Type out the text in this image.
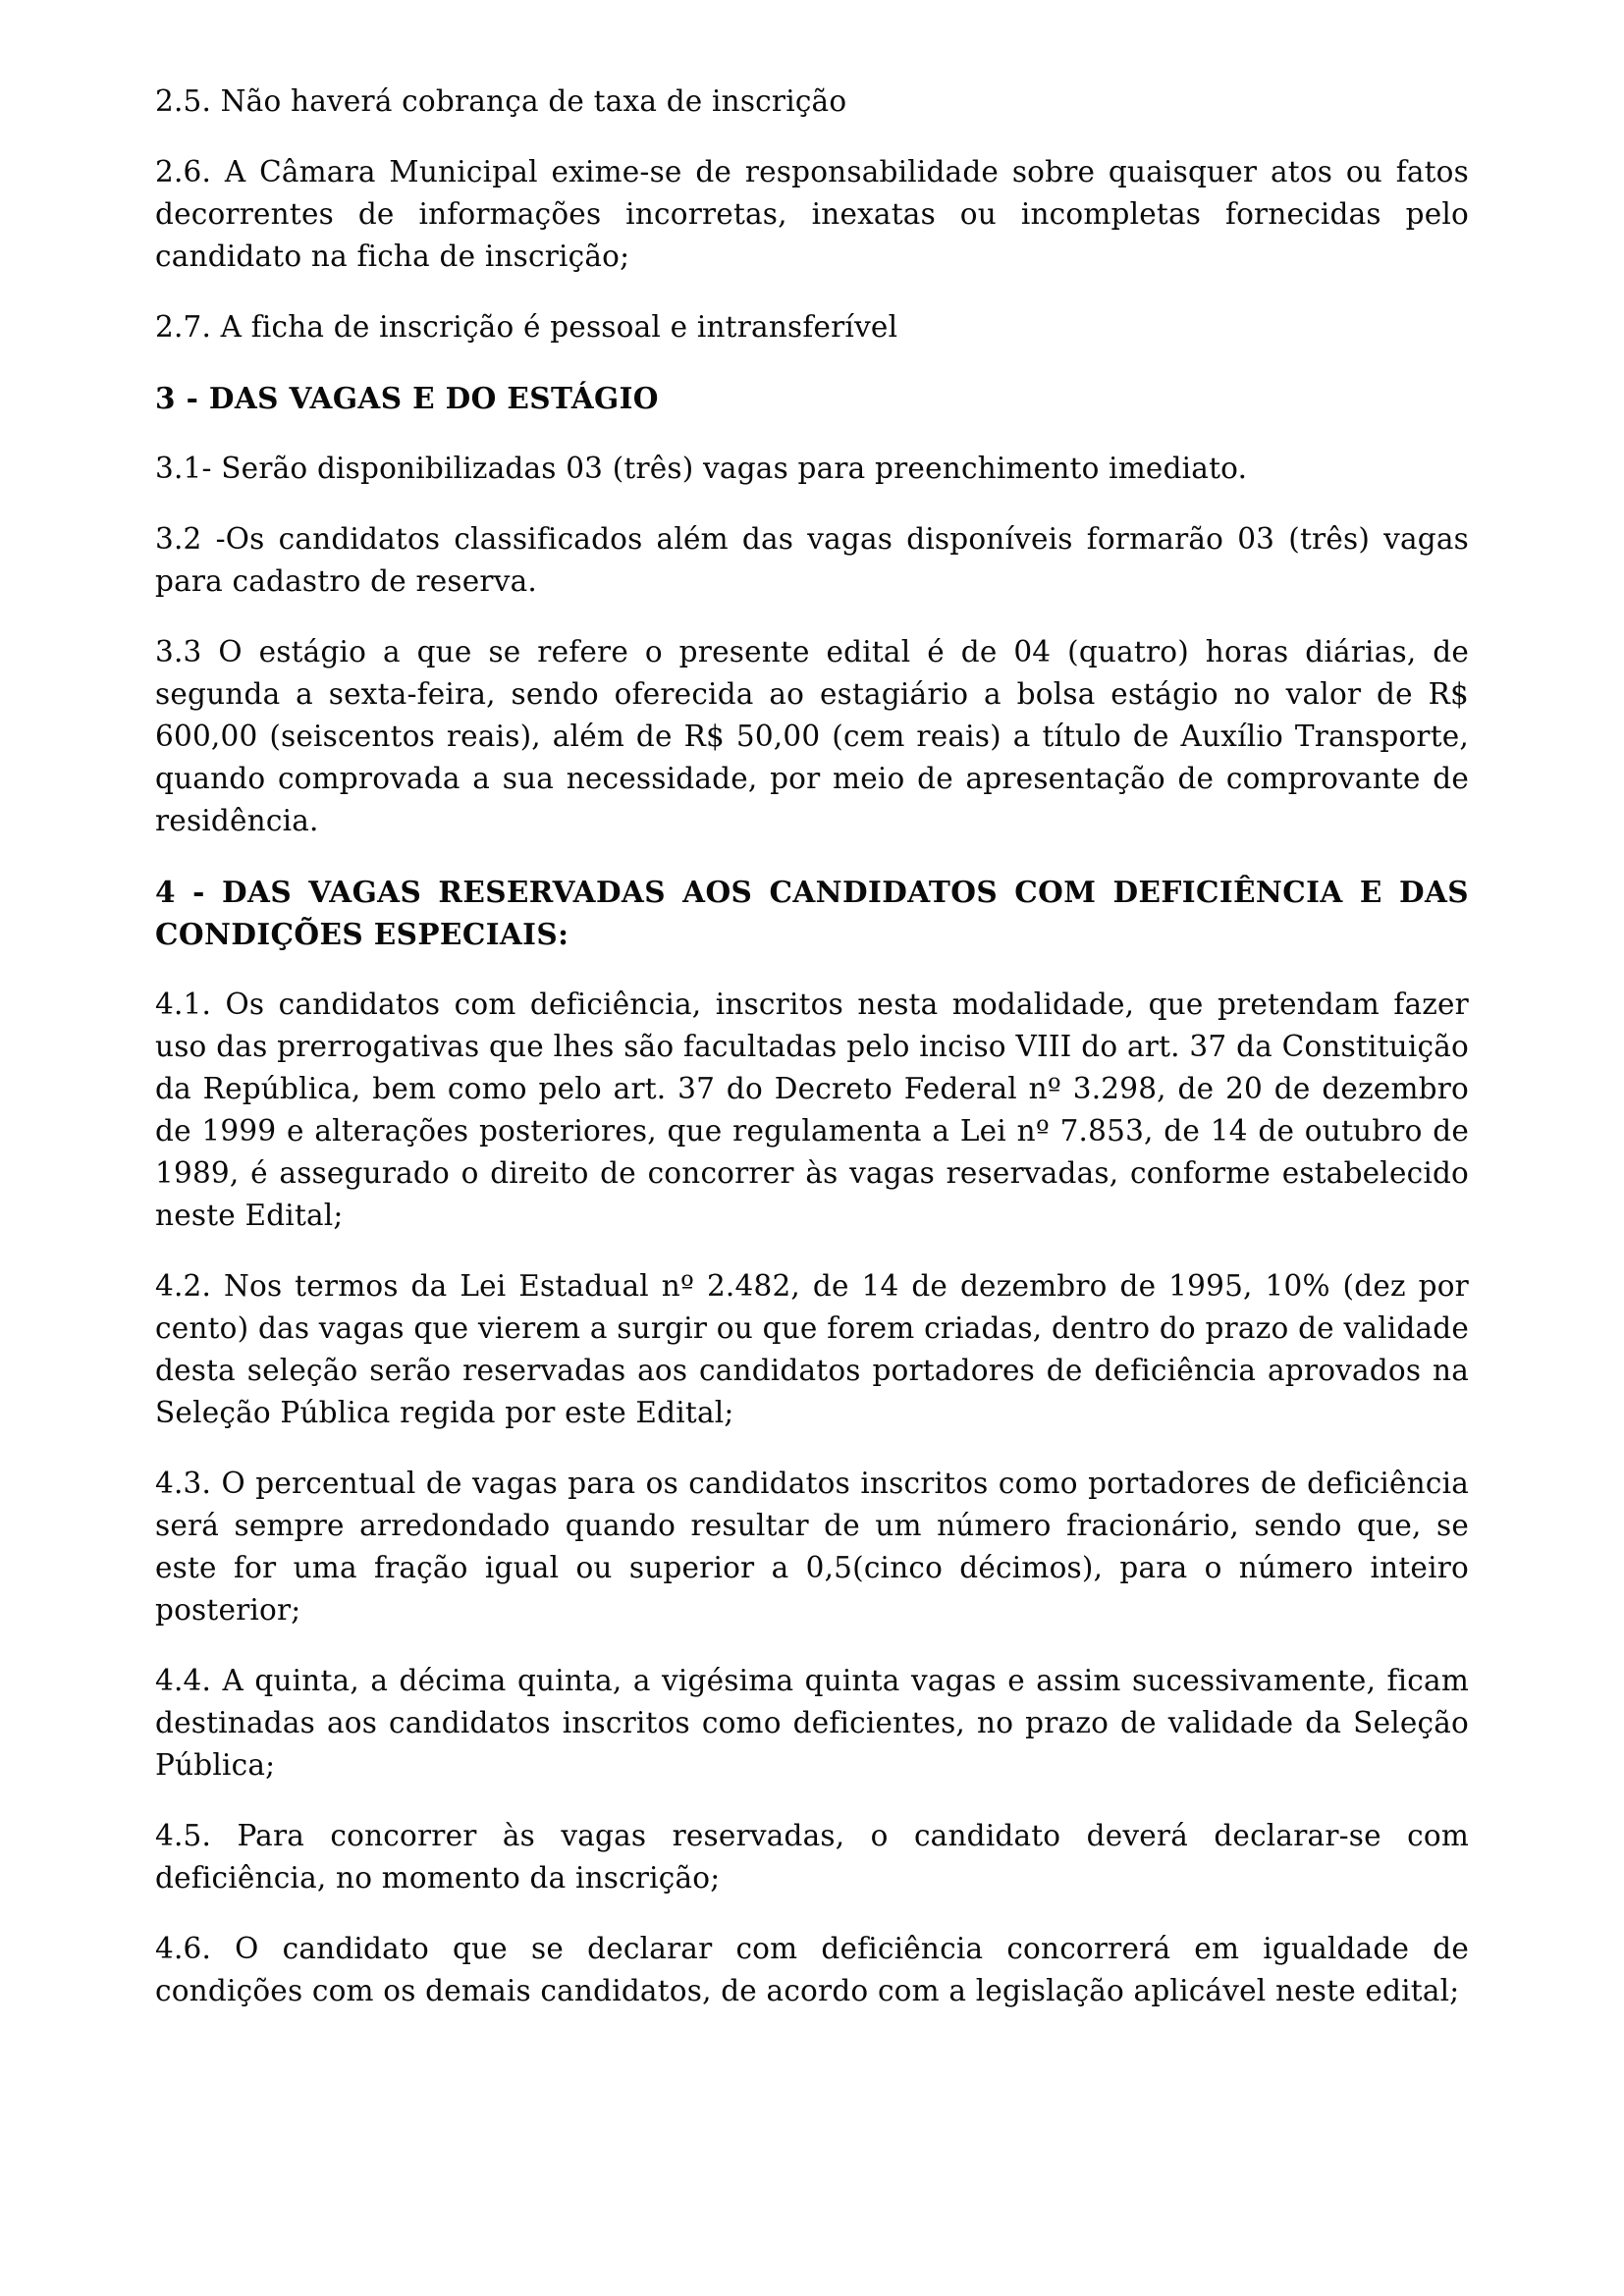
2.5. Não haverá cobrança de taxa de inscrição

2.6. A Câmara Municipal exime-se de responsabilidade sobre quaisquer atos ou fatos decorrentes de informações incorretas, inexatas ou incompletas fornecidas pelo candidato na ficha de inscrição;

2.7. A ficha de inscrição é pessoal e intransferível

3 - DAS VAGAS E DO ESTÁGIO

3.1- Serão disponibilizadas 03 (três) vagas para preenchimento imediato.

3.2 -Os candidatos classificados além das vagas disponíveis formarão 03 (três) vagas para cadastro de reserva.

3.3 O estágio a que se refere o presente edital é de 04 (quatro) horas diárias, de segunda a sexta-feira, sendo oferecida ao estagiário a bolsa estágio no valor de R$ 600,00 (seiscentos reais), além de R$ 50,00 (cem reais) a título de Auxílio Transporte, quando comprovada a sua necessidade, por meio de apresentação de comprovante de residência.

4 - DAS VAGAS RESERVADAS AOS CANDIDATOS COM DEFICIÊNCIA E DAS CONDIÇÕES ESPECIAIS:

4.1. Os candidatos com deficiência, inscritos nesta modalidade, que pretendam fazer uso das prerrogativas que lhes são facultadas pelo inciso VIII do art. 37 da Constituição da República, bem como pelo art. 37 do Decreto Federal nº 3.298, de 20 de dezembro de 1999 e alterações posteriores, que regulamenta a Lei nº 7.853, de 14 de outubro de 1989, é assegurado o direito de concorrer às vagas reservadas, conforme estabelecido neste Edital;

4.2. Nos termos da Lei Estadual nº 2.482, de 14 de dezembro de 1995, 10% (dez por cento) das vagas que vierem a surgir ou que forem criadas, dentro do prazo de validade desta seleção serão reservadas aos candidatos portadores de deficiência aprovados na Seleção Pública regida por este Edital;

4.3. O percentual de vagas para os candidatos inscritos como portadores de deficiência será sempre arredondado quando resultar de um número fracionário, sendo que, se este for uma fração igual ou superior a 0,5(cinco décimos), para o número inteiro posterior;

4.4. A quinta, a décima quinta, a vigésima quinta vagas e assim sucessivamente, ficam destinadas aos candidatos inscritos como deficientes, no prazo de validade da Seleção Pública;

4.5. Para concorrer às vagas reservadas, o candidato deverá declarar-se com deficiência, no momento da inscrição;

4.6. O candidato que se declarar com deficiência concorrerá em igualdade de condições com os demais candidatos, de acordo com a legislação aplicável neste edital;
